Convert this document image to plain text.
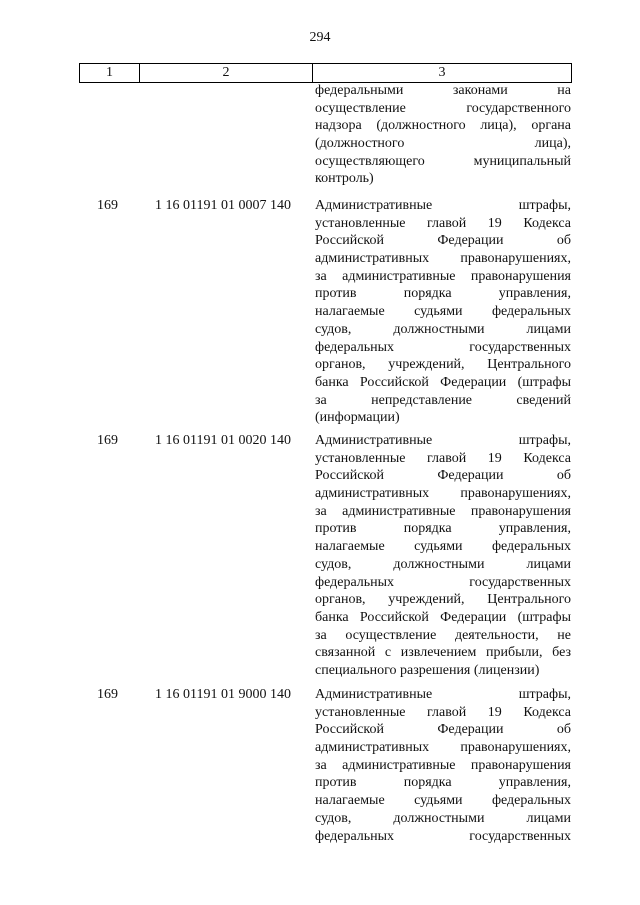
294
1	2	3
федеральными законами на
осуществление государственного
надзора (должностного лица), органа
(должностного лица),
осуществляющего муниципальный
контроль)
169	1 16 01191 01 0007 140 Административные штрафы,
установленные главой 19 Кодекса
Российской Федерации об
административных правонарушениях,
за административные правонарушения
против порядка управления,
налагаемые судьями федеральных
судов, должностными лицами
федеральных государственных
органов, учреждений, Центрального
банка Российской Федерации (штрафы
за непредставление сведений
(информации)
169	1 16 01191 01 0020 140 Административные штрафы,
установленные главой 19 Кодекса
Российской Федерации об
административных правонарушениях,
за административные правонарушения
против порядка управления,
налагаемые судьями федеральных
судов, должностными лицами
федеральных государственных
органов, учреждений, Центрального
банка Российской Федерации (штрафы
за осуществление деятельности, не
связанной с извлечением прибыли, без
специального разрешения (лицензии)
169	1 16 01191 01 9000 140 Административные штрафы,
установленные главой 19 Кодекса
Российской Федерации об
административных правонарушениях,
за административные правонарушения
против порядка управления,
налагаемые судьями федеральных
судов, должностными лицами
федеральных государственных
